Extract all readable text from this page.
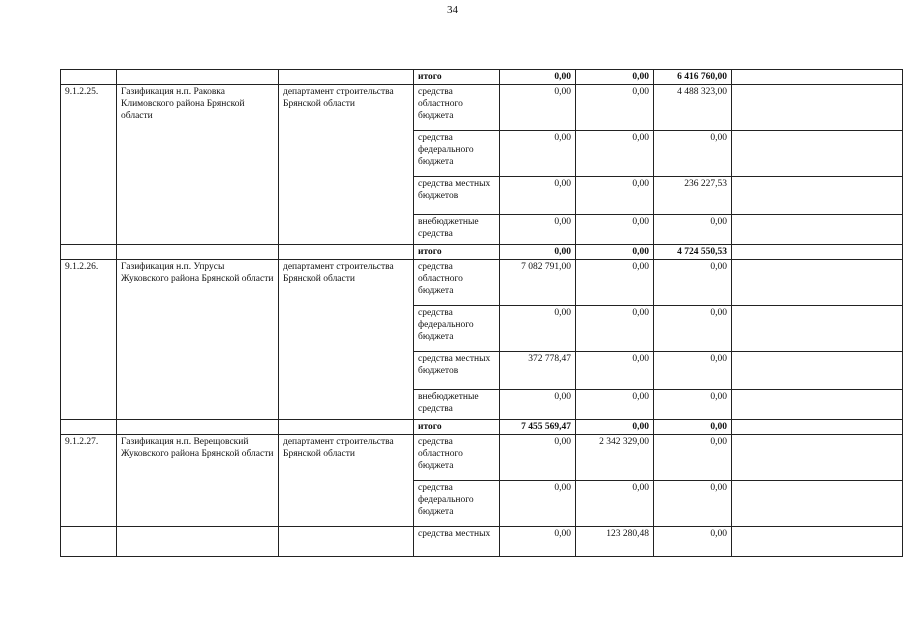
34
			итого	0,00	0,00	6 416 760,00	
9.1.2.25.	Газификация н.п. Раковка Климовского района Брянской области	департамент строительства Брянской области	средства областного бюджета	0,00	0,00	4 488 323,00	
			средства федерального бюджета	0,00	0,00	0,00	
			средства местных бюджетов	0,00	0,00	236 227,53	
			внебюджетные средства	0,00	0,00	0,00	
			итого	0,00	0,00	4 724 550,53	
9.1.2.26.	Газификация н.п. Упрусы Жуковского района Брянской области	департамент строительства Брянской области	средства областного бюджета	7 082 791,00	0,00	0,00	
			средства федерального бюджета	0,00	0,00	0,00	
			средства местных бюджетов	372 778,47	0,00	0,00	
			внебюджетные средства	0,00	0,00	0,00	
			итого	7 455 569,47	0,00	0,00	
9.1.2.27.	Газификация н.п. Верещовский Жуковского района Брянской области	департамент строительства Брянской области	средства областного бюджета	0,00	2 342 329,00	0,00	
			средства федерального бюджета	0,00	0,00	0,00	
			средства местных	0,00	123 280,48	0,00	
